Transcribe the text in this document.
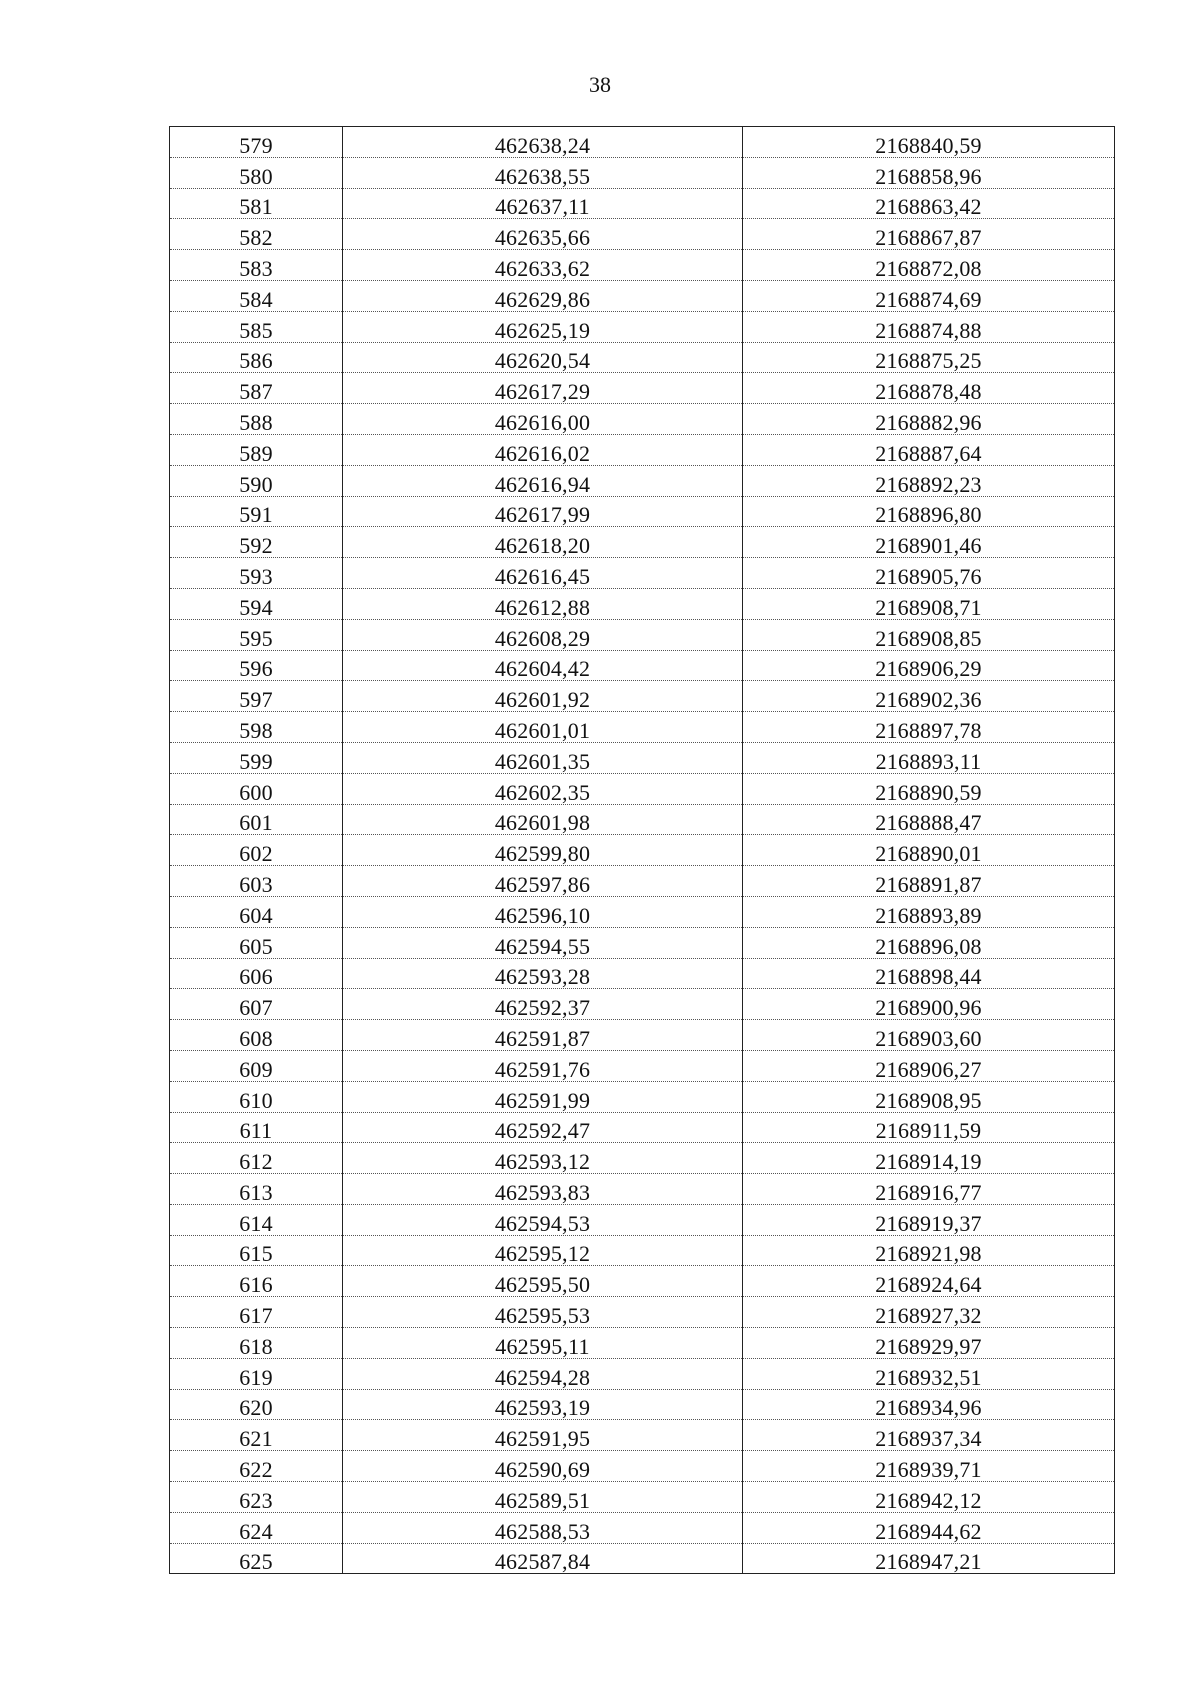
38
579	462638,24	2168840,59
580	462638,55	2168858,96
581	462637,11	2168863,42
582	462635,66	2168867,87
583	462633,62	2168872,08
584	462629,86	2168874,69
585	462625,19	2168874,88
586	462620,54	2168875,25
587	462617,29	2168878,48
588	462616,00	2168882,96
589	462616,02	2168887,64
590	462616,94	2168892,23
591	462617,99	2168896,80
592	462618,20	2168901,46
593	462616,45	2168905,76
594	462612,88	2168908,71
595	462608,29	2168908,85
596	462604,42	2168906,29
597	462601,92	2168902,36
598	462601,01	2168897,78
599	462601,35	2168893,11
600	462602,35	2168890,59
601	462601,98	2168888,47
602	462599,80	2168890,01
603	462597,86	2168891,87
604	462596,10	2168893,89
605	462594,55	2168896,08
606	462593,28	2168898,44
607	462592,37	2168900,96
608	462591,87	2168903,60
609	462591,76	2168906,27
610	462591,99	2168908,95
611	462592,47	2168911,59
612	462593,12	2168914,19
613	462593,83	2168916,77
614	462594,53	2168919,37
615	462595,12	2168921,98
616	462595,50	2168924,64
617	462595,53	2168927,32
618	462595,11	2168929,97
619	462594,28	2168932,51
620	462593,19	2168934,96
621	462591,95	2168937,34
622	462590,69	2168939,71
623	462589,51	2168942,12
624	462588,53	2168944,62
625	462587,84	2168947,21
